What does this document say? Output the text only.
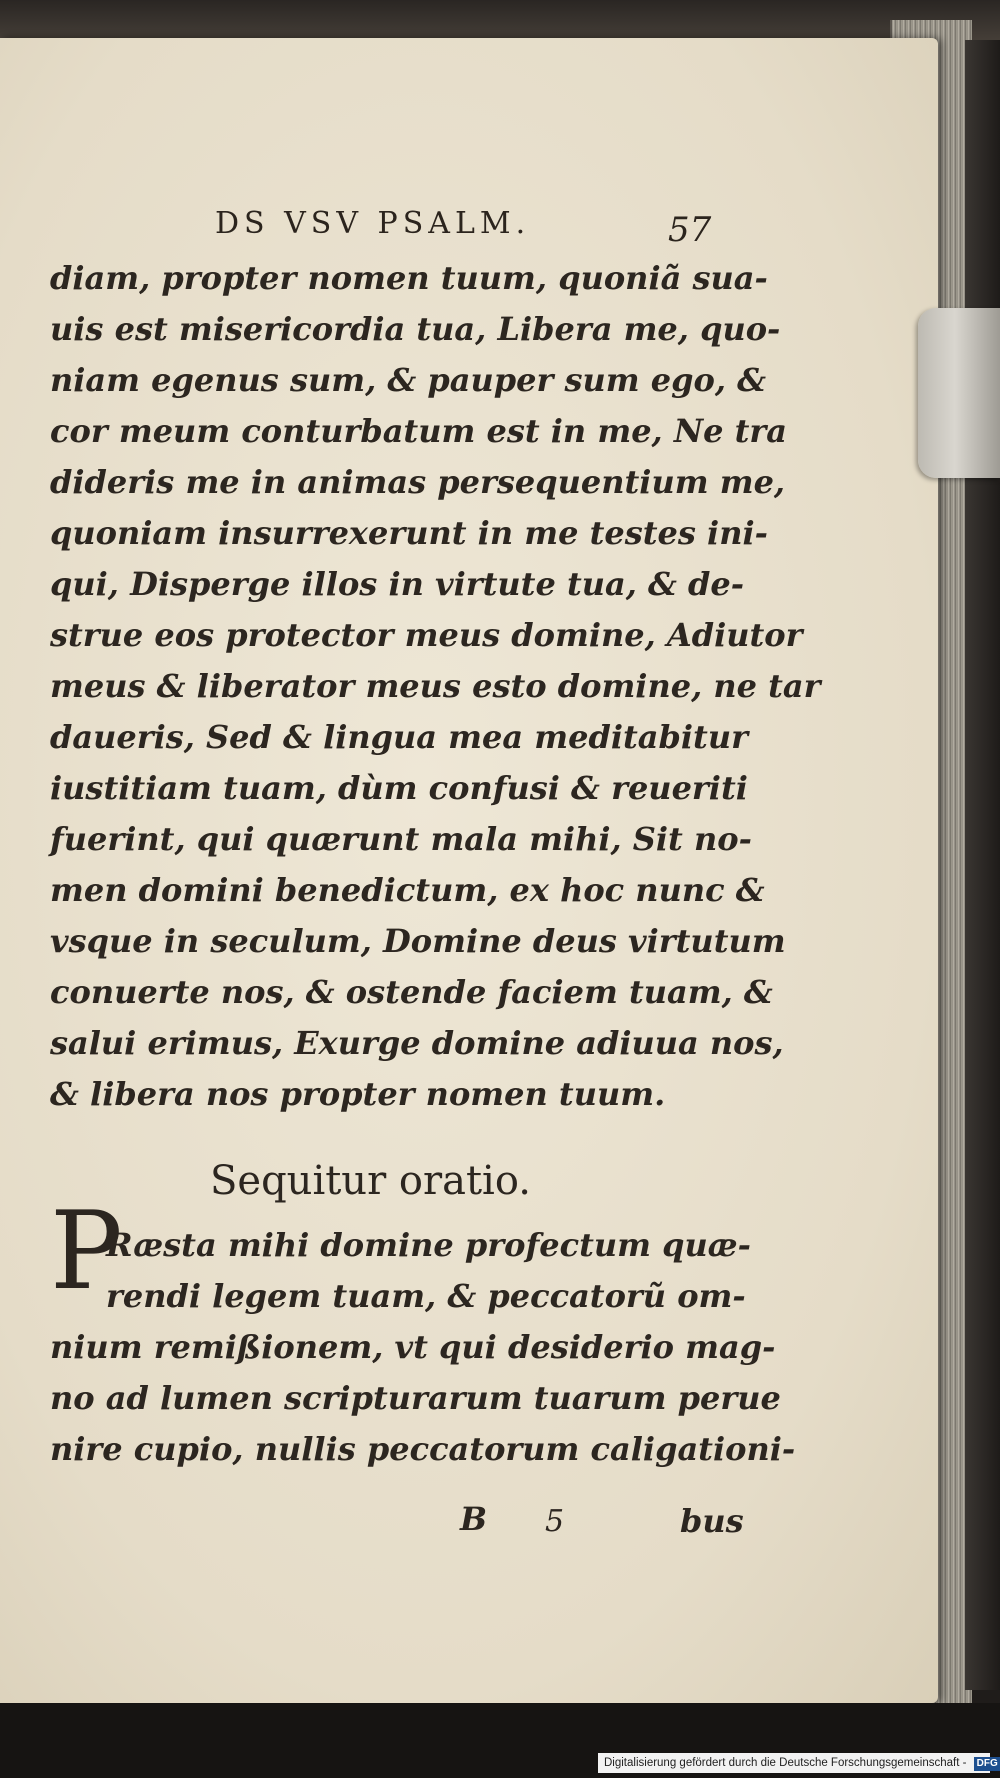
DS VSV PSALM.	57
diam, propter nomen tuum, quoniã sua-
uis est misericordia tua, Libera me, quo-
niam egenus sum, & pauper sum ego, &
cor meum conturbatum est in me, Ne tra
dideris me in animas persequentium me,
quoniam insurrexerunt in me testes ini-
qui, Disperge illos in virtute tua, & de-
strue eos protector meus domine, Adiutor
meus & liberator meus esto domine, ne tar
daueris, Sed & lingua mea meditabitur
iustitiam tuam, dùm confusi & reueriti
fuerint, qui quærunt mala mihi, Sit no-
men domini benedictum, ex hoc nunc &
vsque in seculum, Domine deus virtutum
conuerte nos, & ostende faciem tuam, &
salui erimus, Exurge domine adiuua nos,
& libera nos propter nomen tuum.
Sequitur oratio.
P
Ræsta mihi domine profectum quæ-
rendi legem tuam, & peccatorũ om-
nium remißionem, vt qui desiderio mag-
no ad lumen scripturarum tuarum perue
nire cupio, nullis peccatorum caligationi-
B	5	bus
Digitalisierung gefördert durch die Deutsche Forschungsgemeinschaft - DFG
